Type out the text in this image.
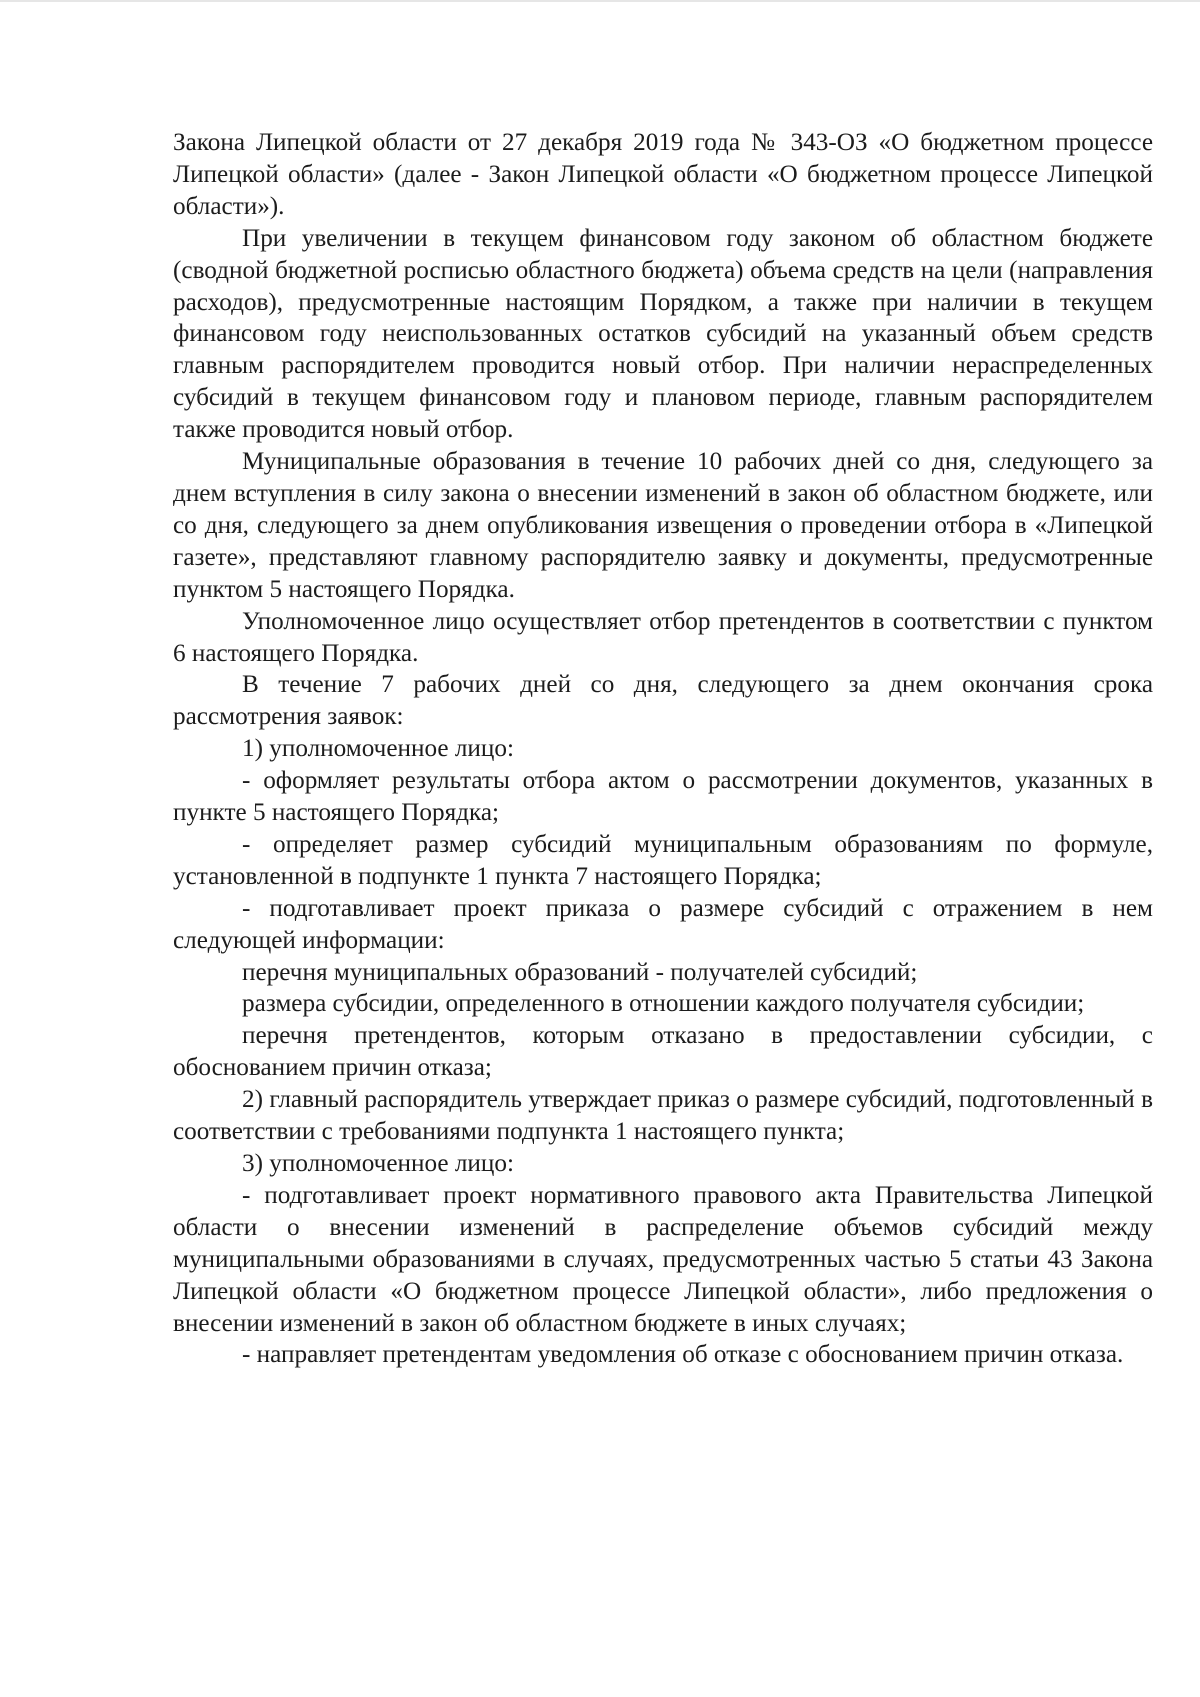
Закона Липецкой области от 27 декабря 2019 года № 343-ОЗ «О бюджетном процессе Липецкой области» (далее - Закон Липецкой области «О бюджетном процессе Липецкой области»).

При увеличении в текущем финансовом году законом об областном бюджете (сводной бюджетной росписью областного бюджета) объема средств на цели (направления расходов), предусмотренные настоящим Порядком, а также при наличии в текущем финансовом году неиспользованных остатков субсидий на указанный объем средств главным распорядителем проводится новый отбор. При наличии нераспределенных субсидий в текущем финансовом году и плановом периоде, главным распорядителем также проводится новый отбор.

Муниципальные образования в течение 10 рабочих дней со дня, следующего за днем вступления в силу закона о внесении изменений в закон об областном бюджете, или со дня, следующего за днем опубликования извещения о проведении отбора в «Липецкой газете», представляют главному распорядителю заявку и документы, предусмотренные пунктом 5 настоящего Порядка.

Уполномоченное лицо осуществляет отбор претендентов в соответствии с пунктом 6 настоящего Порядка.

В течение 7 рабочих дней со дня, следующего за днем окончания срока рассмотрения заявок:

1) уполномоченное лицо:

- оформляет результаты отбора актом о рассмотрении документов, указанных в пункте 5 настоящего Порядка;

- определяет размер субсидий муниципальным образованиям по формуле, установленной в подпункте 1 пункта 7 настоящего Порядка;

- подготавливает проект приказа о размере субсидий с отражением в нем следующей информации:

перечня муниципальных образований - получателей субсидий;

размера субсидии, определенного в отношении каждого получателя субсидии;

перечня претендентов, которым отказано в предоставлении субсидии, с обоснованием причин отказа;

2) главный распорядитель утверждает приказ о размере субсидий, подготовленный в соответствии с требованиями подпункта 1 настоящего пункта;

3) уполномоченное лицо:

- подготавливает проект нормативного правового акта Правительства Липецкой области о внесении изменений в распределение объемов субсидий между муниципальными образованиями в случаях, предусмотренных частью 5 статьи 43 Закона Липецкой области «О бюджетном процессе Липецкой области», либо предложения о внесении изменений в закон об областном бюджете в иных случаях;

- направляет претендентам уведомления об отказе с обоснованием причин отказа.
